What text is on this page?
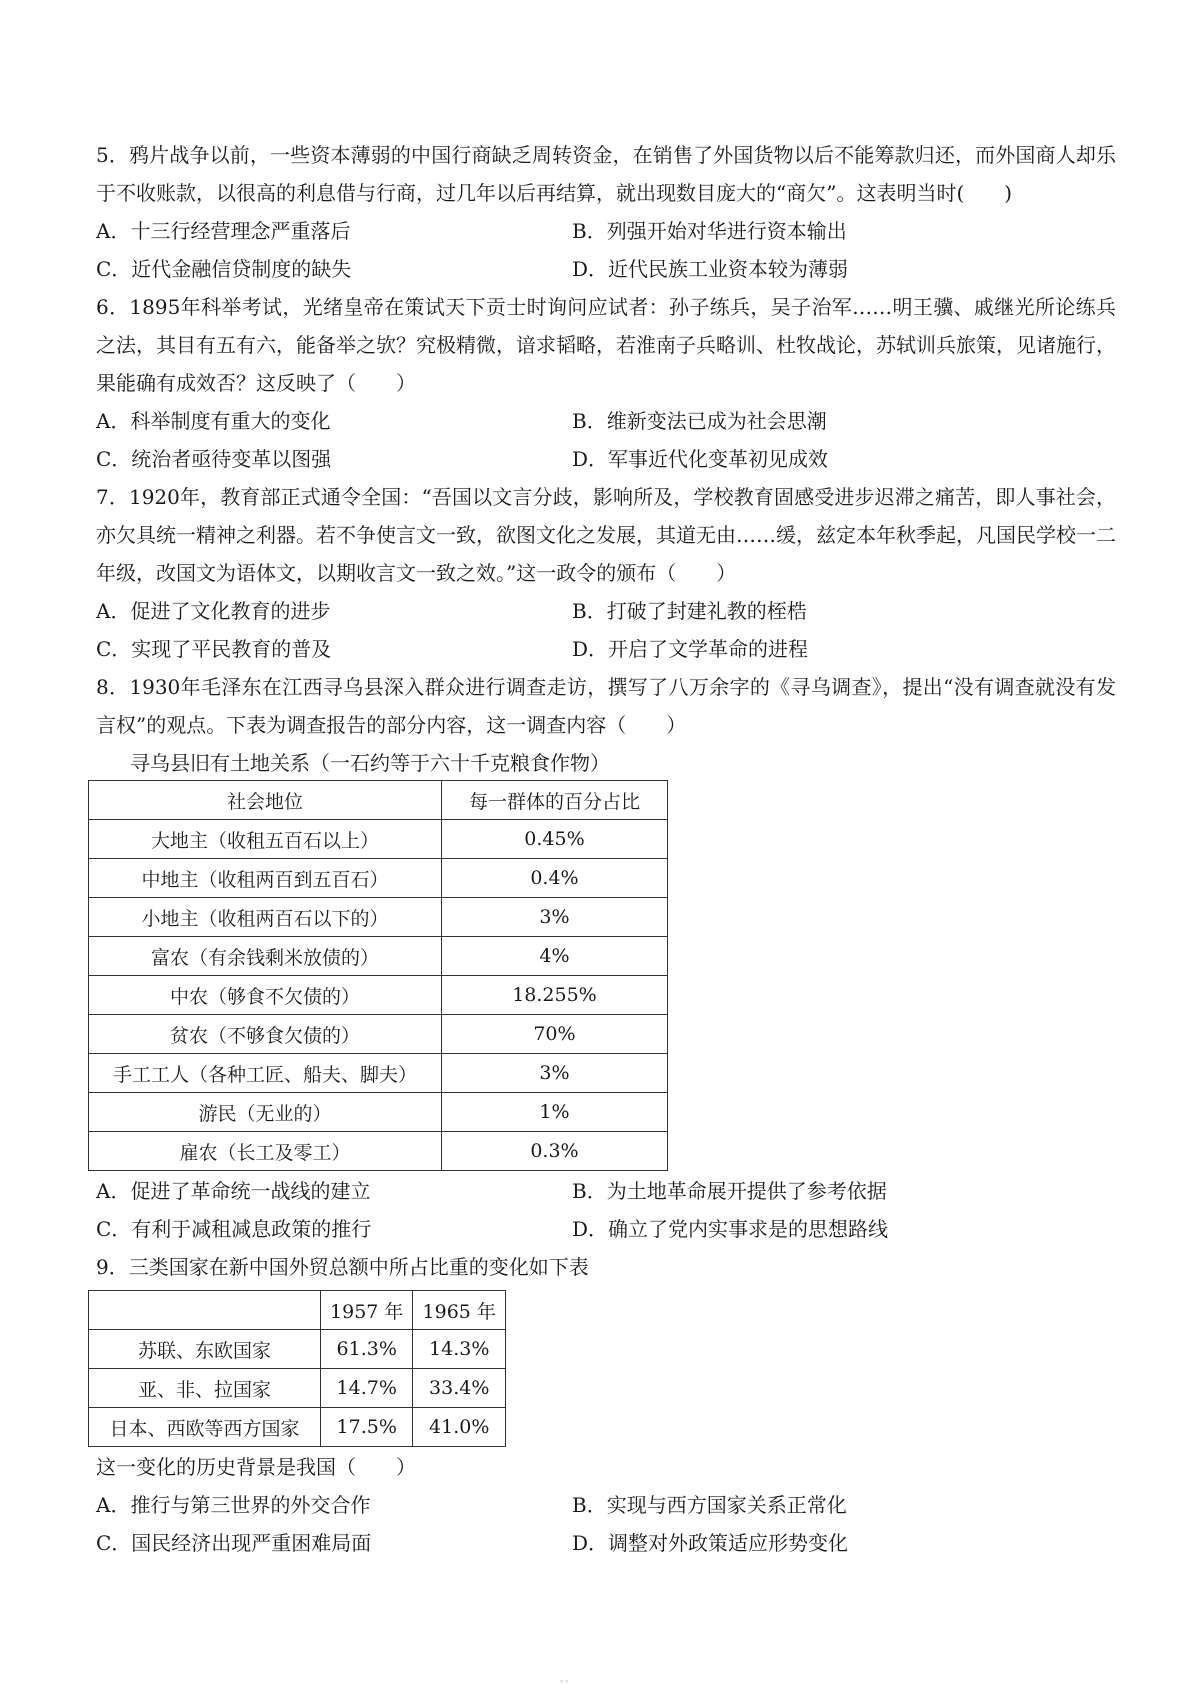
5．鸦片战争以前，一些资本薄弱的中国行商缺乏周转资金，在销售了外国货物以后不能筹款归还，而外国商人却乐于不收账款，以很高的利息借与行商，过几年以后再结算，就出现数目庞大的“商欠”。这表明当时(　　)

A．十三行经营理念严重落后	B．列强开始对华进行资本输出
C．近代金融信贷制度的缺失	D．近代民族工业资本较为薄弱

6．1895年科举考试，光绪皇帝在策试天下贡士时询问应试者：孙子练兵，吴子治军……明王骥、戚继光所论练兵之法，其目有五有六，能备举之欤？究极精微，谙求韬略，若淮南子兵略训、杜牧战论，苏轼训兵旅策，见诸施行，果能确有成效否？这反映了（　　）

A．科举制度有重大的变化	B．维新变法已成为社会思潮
C．统治者亟待变革以图强	D．军事近代化变革初见成效

7．1920年，教育部正式通令全国：“吾国以文言分歧，影响所及，学校教育固感受进步迟滞之痛苦，即人事社会，亦欠具统一精神之利器。若不争使言文一致，欲图文化之发展，其道无由……缓，兹定本年秋季起，凡国民学校一二年级，改国文为语体文，以期收言文一致之效。”这一政令的颁布（　　）

A．促进了文化教育的进步	B．打破了封建礼教的桎梏
C．实现了平民教育的普及	D．开启了文学革命的进程

8．1930年毛泽东在江西寻乌县深入群众进行调查走访，撰写了八万余字的《寻乌调查》，提出“没有调查就没有发言权”的观点。下表为调查报告的部分内容，这一调查内容（　　）

寻乌县旧有土地关系（一石约等于六十千克粮食作物）
社会地位	每一群体的百分占比
大地主（收租五百石以上）	0.45%
中地主（收租两百到五百石）	0.4%
小地主（收租两百石以下的）	3%
富农（有余钱剩米放债的）	4%
中农（够食不欠债的）	18.255%
贫农（不够食欠债的）	70%
手工工人（各种工匠、船夫、脚夫）	3%
游民（无业的）	1%
雇农（长工及零工）	0.3%
A．促进了革命统一战线的建立	B．为土地革命展开提供了参考依据
C．有利于减租减息政策的推行	D．确立了党内实事求是的思想路线
9．三类国家在新中国外贸总额中所占比重的变化如下表
	1957 年	1965 年
苏联、东欧国家	61.3%	14.3%
亚、非、拉国家	14.7%	33.4%
日本、西欧等西方国家	17.5%	41.0%
这一变化的历史背景是我国（　　）
A．推行与第三世界的外交合作	B．实现与西方国家关系正常化
C．国民经济出现严重困难局面	D．调整对外政策适应形势变化
。。
